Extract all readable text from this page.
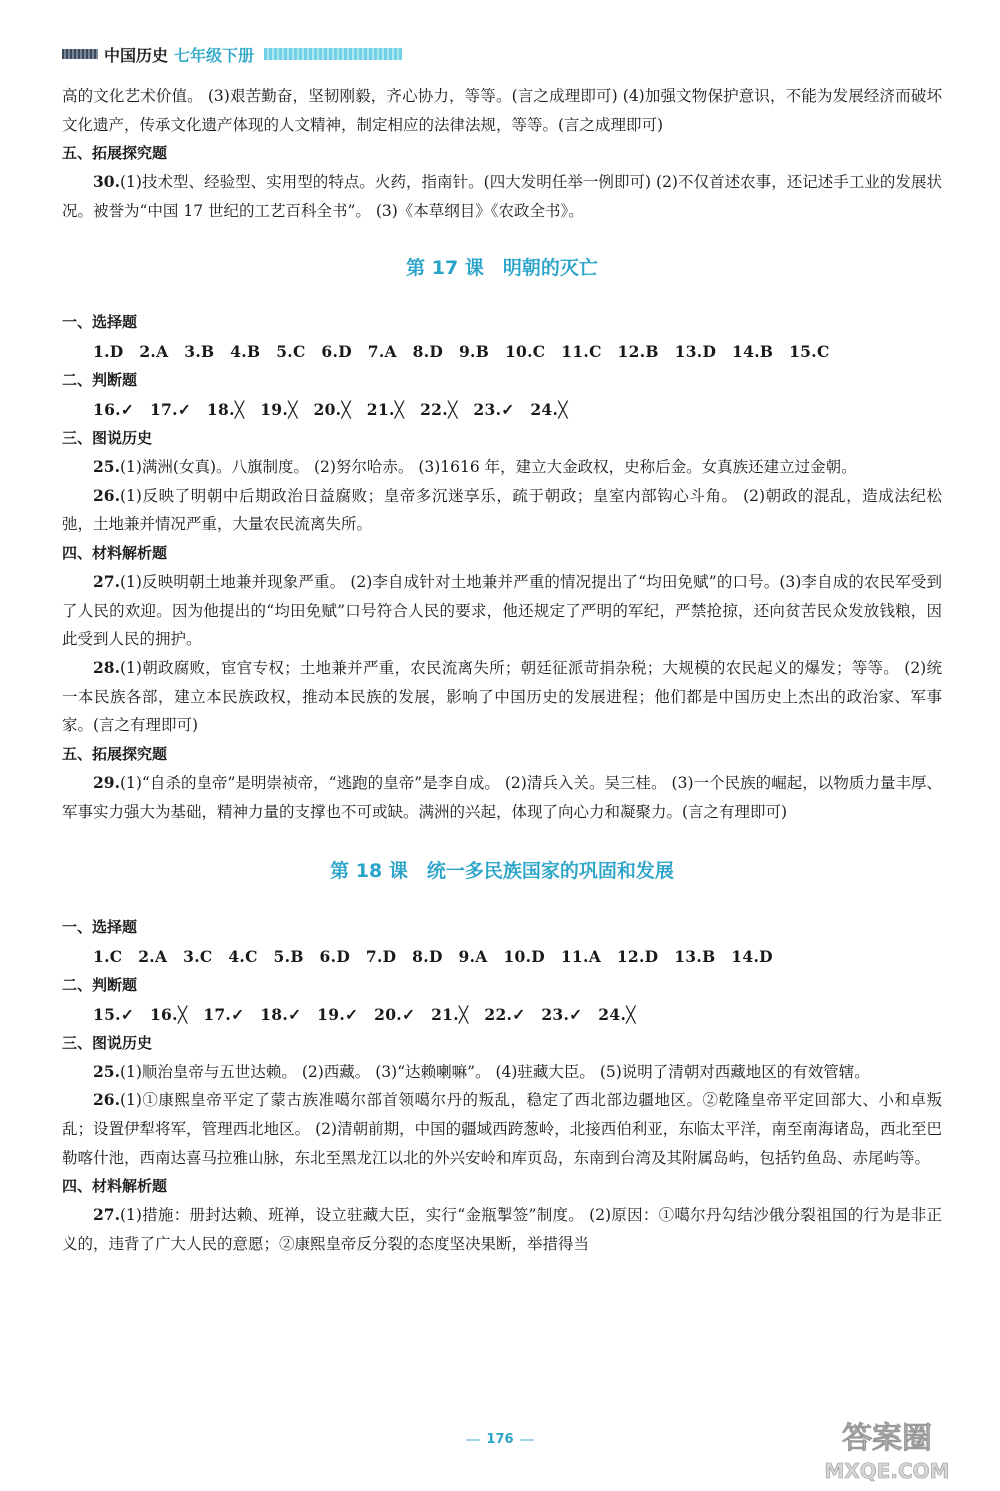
中国历史 七年级下册

高的文化艺术价值。 (3)艰苦勤奋，坚韧刚毅，齐心协力，等等。(言之成理即可) (4)加强文物保护意识，不能为发展经济而破坏文化遗产，传承文化遗产体现的人文精神，制定相应的法律法规，等等。(言之成理即可)

五、拓展探究题

30.(1)技术型、经验型、实用型的特点。火药，指南针。(四大发明任举一例即可) (2)不仅首述农事，还记述手工业的发展状况。被誉为“中国 17 世纪的工艺百科全书”。 (3)《本草纲目》《农政全书》。

第 17 课　明朝的灭亡
一、选择题
1.D　2.A　3.B　4.B　5.C　6.D　7.A　8.D　9.B　10.C　11.C　12.B　13.D　14.B　15.C
二、判断题
16.✓　17.✓　18.╳　19.╳　20.╳　21.╳　22.╳　23.✓　24.╳
三、图说历史

25.(1)满洲(女真)。八旗制度。 (2)努尔哈赤。 (3)1616 年，建立大金政权，史称后金。女真族还建立过金朝。

26.(1)反映了明朝中后期政治日益腐败；皇帝多沉迷享乐，疏于朝政；皇室内部钩心斗角。 (2)朝政的混乱，造成法纪松弛，土地兼并情况严重，大量农民流离失所。

四、材料解析题

27.(1)反映明朝土地兼并现象严重。 (2)李自成针对土地兼并严重的情况提出了“均田免赋”的口号。(3)李自成的农民军受到了人民的欢迎。因为他提出的“均田免赋”口号符合人民的要求，他还规定了严明的军纪，严禁抢掠，还向贫苦民众发放钱粮，因此受到人民的拥护。

28.(1)朝政腐败，宦官专权；土地兼并严重，农民流离失所；朝廷征派苛捐杂税；大规模的农民起义的爆发；等等。 (2)统一本民族各部，建立本民族政权，推动本民族的发展，影响了中国历史的发展进程；他们都是中国历史上杰出的政治家、军事家。(言之有理即可)

五、拓展探究题

29.(1)“自杀的皇帝”是明崇祯帝，“逃跑的皇帝”是李自成。 (2)清兵入关。吴三桂。 (3)一个民族的崛起，以物质力量丰厚、军事实力强大为基础，精神力量的支撑也不可或缺。满洲的兴起，体现了向心力和凝聚力。(言之有理即可)

第 18 课　统一多民族国家的巩固和发展
一、选择题
1.C　2.A　3.C　4.C　5.B　6.D　7.D　8.D　9.A　10.D　11.A　12.D　13.B　14.D
二、判断题
15.✓　16.╳　17.✓　18.✓　19.✓　20.✓　21.╳　22.✓　23.✓　24.╳
三、图说历史

25.(1)顺治皇帝与五世达赖。 (2)西藏。 (3)“达赖喇嘛”。 (4)驻藏大臣。 (5)说明了清朝对西藏地区的有效管辖。

26.(1)①康熙皇帝平定了蒙古族准噶尔部首领噶尔丹的叛乱，稳定了西北部边疆地区。②乾隆皇帝平定回部大、小和卓叛乱；设置伊犁将军，管理西北地区。 (2)清朝前期，中国的疆域西跨葱岭，北接西伯利亚，东临太平洋，南至南海诸岛，西北至巴勒喀什池，西南达喜马拉雅山脉，东北至黑龙江以北的外兴安岭和库页岛，东南到台湾及其附属岛屿，包括钓鱼岛、赤尾屿等。

四、材料解析题

27.(1)措施：册封达赖、班禅，设立驻藏大臣，实行“金瓶掣签”制度。 (2)原因：①噶尔丹勾结沙俄分裂祖国的行为是非正义的，违背了广大人民的意愿；②康熙皇帝反分裂的态度坚决果断，举措得当

176	答案圈
MXQE.COM
